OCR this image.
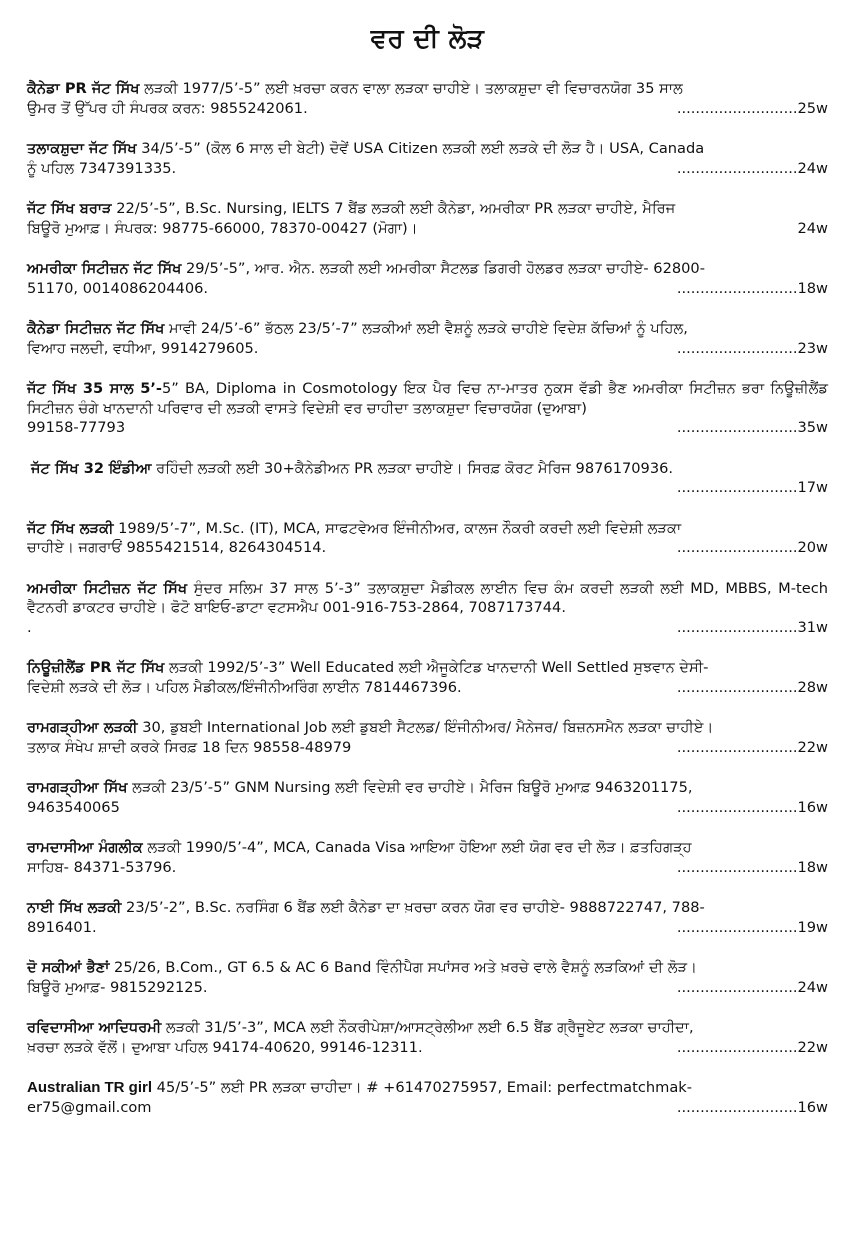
ਵਰ ਦੀ ਲੋੜ
ਕੈਨੇਡਾ PR ਜੱਟ ਸਿੱਖ ਲੜਕੀ 1977/5’-5” ਲਈ ਖ਼ਰਚਾ ਕਰਨ ਵਾਲਾ ਲੜਕਾ ਚਾਹੀਏ। ਤਲਾਕਸ਼ੁਦਾ ਵੀ ਵਿਚਾਰਨਯੋਗ 35 ਸਾਲ
ਉਮਰ ਤੋਂ ਉੱਪਰ ਹੀ ਸੰਪਰਕ ਕਰਨ: 9855242061.	..........................25w
ਤਲਾਕਸ਼ੁਦਾ ਜੱਟ ਸਿੱਖ 34/5’-5” (ਕੋਲ 6 ਸਾਲ ਦੀ ਬੇਟੀ) ਦੋਵੇਂ USA Citizen ਲੜਕੀ ਲਈ ਲੜਕੇ ਦੀ ਲੋੜ ਹੈ। USA, Canada
ਨੂੰ ਪਹਿਲ 7347391335.	..........................24w
ਜੱਟ ਸਿੱਖ ਬਰਾੜ 22/5’-5”, B.Sc. Nursing, IELTS 7 ਬੈਂਡ ਲੜਕੀ ਲਈ ਕੈਨੇਡਾ, ਅਮਰੀਕਾ PR ਲੜਕਾ ਚਾਹੀਏ, ਮੈਰਿਜ
ਬਿਊਰੋ ਮੁਆਫ਼। ਸੰਪਰਕ: 98775-66000, 78370-00427 (ਮੋਗਾ)।	24w
ਅਮਰੀਕਾ ਸਿਟੀਜ਼ਨ ਜੱਟ ਸਿੱਖ 29/5’-5”, ਆਰ. ਐਨ. ਲੜਕੀ ਲਈ ਅਮਰੀਕਾ ਸੈਟਲਡ ਡਿਗਰੀ ਹੋਲਡਰ ਲੜਕਾ ਚਾਹੀਏ- 62800-
51170, 0014086204406.	..........................18w
ਕੈਨੇਡਾ ਸਿਟੀਜ਼ਨ ਜੱਟ ਸਿੱਖ ਮਾਵੀ 24/5’-6” ਭੱਠਲ 23/5’-7” ਲੜਕੀਆਂ ਲਈ ਵੈਸ਼ਨੂੰ ਲੜਕੇ ਚਾਹੀਏ ਵਿਦੇਸ਼ ਕੱਚਿਆਂ ਨੂੰ ਪਹਿਲ,
ਵਿਆਹ ਜਲਦੀ, ਵਧੀਆ, 9914279605.	..........................23w
ਜੱਟ ਸਿੱਖ 35 ਸਾਲ 5’-5” BA, Diploma in Cosmotology ਇਕ ਪੈਰ ਵਿਚ ਨਾ-ਮਾਤਰ ਨੁਕਸ ਵੱਡੀ ਭੈਣ ਅਮਰੀਕਾ ਸਿਟੀਜ਼ਨ ਭਰਾ ਨਿਊਜ਼ੀਲੈਂਡ ਸਿਟੀਜ਼ਨ ਚੰਗੇ ਖਾਨਦਾਨੀ ਪਰਿਵਾਰ ਦੀ ਲੜਕੀ ਵਾਸਤੇ ਵਿਦੇਸ਼ੀ ਵਰ ਚਾਹੀਦਾ ਤਲਾਕਸ਼ੁਦਾ ਵਿਚਾਰਯੋਗ (ਦੁਆਬਾ)
99158-77793	..........................35w
ਜੱਟ ਸਿੱਖ 32 ਇੰਡੀਆ ਰਹਿੰਦੀ ਲੜਕੀ ਲਈ 30+ਕੈਨੇਡੀਅਨ PR ਲੜਕਾ ਚਾਹੀਏ। ਸਿਰਫ਼ ਕੋਰਟ ਮੈਰਿਜ 9876170936.
..........................17w
ਜੱਟ ਸਿੱਖ ਲੜਕੀ 1989/5’-7”, M.Sc. (IT), MCA, ਸਾਫਟਵੇਅਰ ਇੰਜੀਨੀਅਰ, ਕਾਲਜ ਨੌਕਰੀ ਕਰਦੀ ਲਈ ਵਿਦੇਸ਼ੀ ਲੜਕਾ
ਚਾਹੀਏ। ਜਗਰਾਓਂ 9855421514, 8264304514.	..........................20w
ਅਮਰੀਕਾ ਸਿਟੀਜ਼ਨ ਜੱਟ ਸਿੱਖ ਸੁੰਦਰ ਸਲਿਮ 37 ਸਾਲ 5’-3” ਤਲਾਕਸ਼ੁਦਾ ਮੈਡੀਕਲ ਲਾਈਨ ਵਿਚ ਕੰਮ ਕਰਦੀ ਲੜਕੀ ਲਈ MD, MBBS, M-tech ਵੈਟਨਰੀ ਡਾਕਟਰ ਚਾਹੀਏ। ਫੋਟੋ ਬਾਇਓ-ਡਾਟਾ ਵਟਸਐਪ 001-916-753-2864, 7087173744.
.	..........................31w
ਨਿਊਜ਼ੀਲੈਂਡ PR ਜੱਟ ਸਿੱਖ ਲੜਕੀ 1992/5’-3” Well Educated ਲਈ ਐਜੂਕੇਟਿਡ ਖਾਨਦਾਨੀ Well Settled ਸੁਝਵਾਨ ਦੇਸੀ-
ਵਿਦੇਸ਼ੀ ਲੜਕੇ ਦੀ ਲੋੜ। ਪਹਿਲ ਮੈਡੀਕਲ/ਇੰਜੀਨੀਅਰਿੰਗ ਲਾਈਨ 7814467396.	..........................28w
ਰਾਮਗੜ੍ਹੀਆ ਲੜਕੀ 30, ਡੁਬਈ International Job ਲਈ ਡੁਬਈ ਸੈਟਲਡ/ ਇੰਜੀਨੀਅਰ/ ਮੈਨੇਜਰ/ ਬਿਜ਼ਨਸਮੈਨ ਲੜਕਾ ਚਾਹੀਏ।
ਤਲਾਕ ਸੰਖੇਪ ਸ਼ਾਦੀ ਕਰਕੇ ਸਿਰਫ਼ 18 ਦਿਨ 98558-48979	..........................22w
ਰਾਮਗੜ੍ਹੀਆ ਸਿੱਖ ਲੜਕੀ 23/5’-5” GNM Nursing ਲਈ ਵਿਦੇਸ਼ੀ ਵਰ ਚਾਹੀਏ। ਮੈਰਿਜ ਬਿਊਰੋ ਮੁਆਫ਼ 9463201175,
9463540065	..........................16w
ਰਾਮਦਾਸੀਆ ਮੰਗਲੀਕ ਲੜਕੀ 1990/5’-4”, MCA, Canada Visa ਆਇਆ ਹੋਇਆ ਲਈ ਯੋਗ ਵਰ ਦੀ ਲੋੜ। ਫ਼ਤਹਿਗੜ੍ਹ
ਸਾਹਿਬ- 84371-53796.	..........................18w
ਨਾਈ ਸਿੱਖ ਲੜਕੀ 23/5’-2”, B.Sc. ਨਰਸਿੰਗ 6 ਬੈਂਡ ਲਈ ਕੈਨੇਡਾ ਦਾ ਖ਼ਰਚਾ ਕਰਨ ਯੋਗ ਵਰ ਚਾਹੀਏ- 9888722747, 788-
8916401.	..........................19w
ਦੋ ਸਕੀਆਂ ਭੈਣਾਂ 25/26, B.Com., GT 6.5 & AC 6 Band ਵਿੰਨੀਪੈਗ ਸਪਾਂਸਰ ਅਤੇ ਖ਼ਰਚੇ ਵਾਲੇ ਵੈਸ਼ਨੂੰ ਲੜਕਿਆਂ ਦੀ ਲੋੜ।
ਬਿਊਰੋ ਮੁਆਫ਼- 9815292125.	..........................24w
ਰਵਿਦਾਸੀਆ ਆਦਿਧਰਮੀ ਲੜਕੀ 31/5’-3”, MCA ਲਈ ਨੌਕਰੀਪੇਸ਼ਾ/ਆਸਟ੍ਰੇਲੀਆ ਲਈ 6.5 ਬੈਂਡ ਗ੍ਰੈਜੂਏਟ ਲੜਕਾ ਚਾਹੀਦਾ,
ਖ਼ਰਚਾ ਲੜਕੇ ਵੱਲੋਂ। ਦੁਆਬਾ ਪਹਿਲ 94174-40620, 99146-12311.	..........................22w
Australian TR girl 45/5’-5” ਲਈ PR ਲੜਕਾ ਚਾਹੀਦਾ। # +61470275957, Email: perfectmatchmak-
er75@gmail.com	..........................16w
